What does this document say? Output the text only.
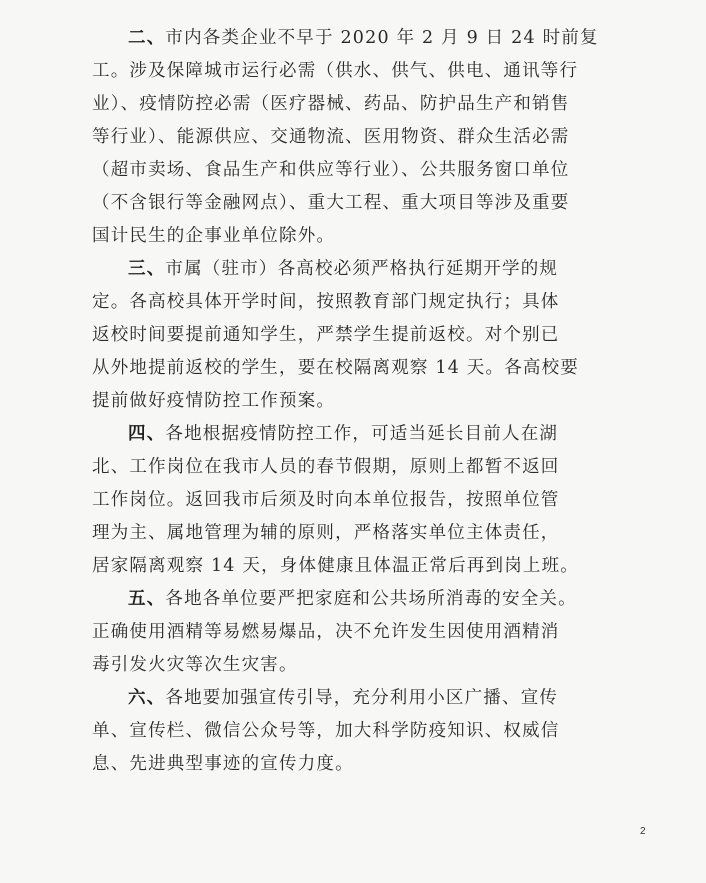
二、市内各类企业不早于 2020 年 2 月 9 日 24 时前复
工。涉及保障城市运行必需（供水、供气、供电、通讯等行
业）、疫情防控必需（医疗器械、药品、防护品生产和销售
等行业）、能源供应、交通物流、医用物资、群众生活必需
（超市卖场、食品生产和供应等行业）、公共服务窗口单位
（不含银行等金融网点）、重大工程、重大项目等涉及重要
国计民生的企事业单位除外。
三、市属（驻市）各高校必须严格执行延期开学的规
定。各高校具体开学时间，按照教育部门规定执行；具体
返校时间要提前通知学生，严禁学生提前返校。对个别已
从外地提前返校的学生，要在校隔离观察 14 天。各高校要
提前做好疫情防控工作预案。
四、各地根据疫情防控工作，可适当延长目前人在湖
北、工作岗位在我市人员的春节假期，原则上都暂不返回
工作岗位。返回我市后须及时向本单位报告，按照单位管
理为主、属地管理为辅的原则，严格落实单位主体责任，
居家隔离观察 14 天，身体健康且体温正常后再到岗上班。
五、各地各单位要严把家庭和公共场所消毒的安全关。
正确使用酒精等易燃易爆品，决不允许发生因使用酒精消
毒引发火灾等次生灾害。
六、各地要加强宣传引导，充分利用小区广播、宣传
单、宣传栏、微信公众号等，加大科学防疫知识、权威信
息、先进典型事迹的宣传力度。
2
